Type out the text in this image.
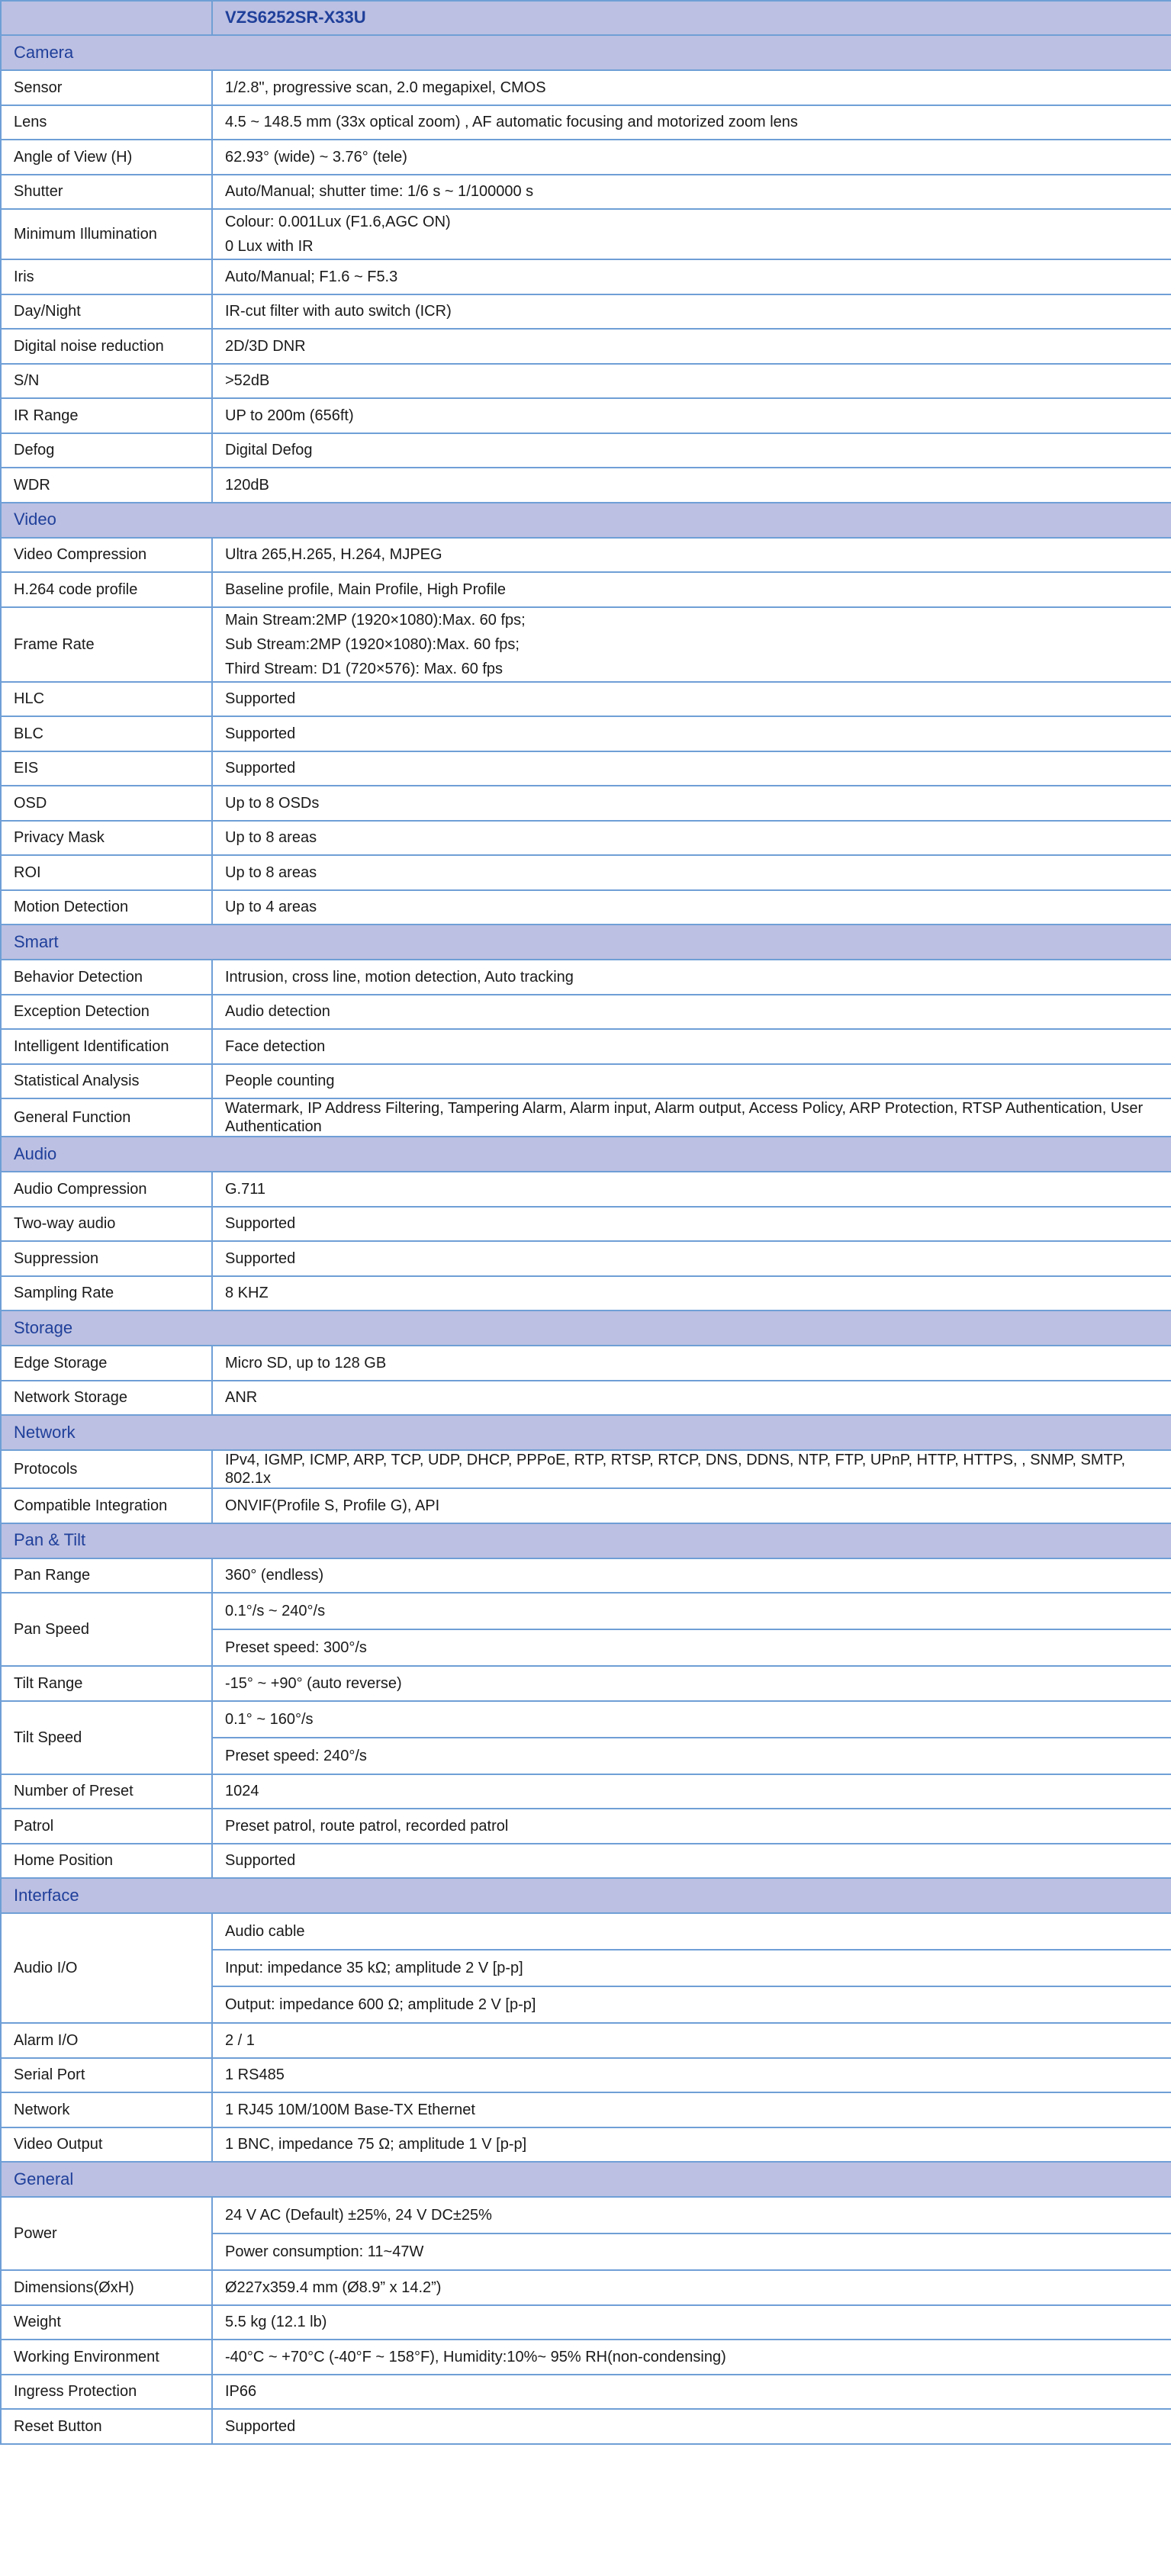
	VZS6252SR-X33U
Camera	
Sensor	1/2.8", progressive scan, 2.0 megapixel, CMOS
Lens	4.5 ~ 148.5 mm (33x optical zoom) , AF automatic focusing and motorized zoom lens
Angle of View (H)	62.93° (wide) ~ 3.76° (tele)
Shutter	Auto/Manual; shutter time: 1/6 s ~ 1/100000 s
Minimum Illumination	Colour: 0.001Lux (F1.6,AGC ON)
0 Lux with IR

Iris	Auto/Manual; F1.6 ~ F5.3
Day/Night	IR-cut filter with auto switch (ICR)
Digital noise reduction	2D/3D DNR
S/N	>52dB
IR Range	UP to 200m (656ft)
Defog	Digital Defog
WDR	120dB
Video	
Video Compression	Ultra 265,H.265, H.264, MJPEG
H.264 code profile	Baseline profile, Main Profile, High Profile
Frame Rate	Main Stream:2MP (1920×1080):Max. 60 fps;
Sub Stream:2MP (1920×1080):Max. 60 fps;
Third Stream: D1 (720×576): Max. 60 fps

HLC	Supported
BLC	Supported
EIS	Supported
OSD	Up to 8 OSDs
Privacy Mask	Up to 8 areas
ROI	Up to 8 areas
Motion Detection	Up to 4 areas
Smart	
Behavior Detection	Intrusion, cross line, motion detection, Auto tracking
Exception Detection	Audio detection
Intelligent Identification	Face detection
Statistical Analysis	People counting
General Function	Watermark, IP Address Filtering, Tampering Alarm, Alarm input, Alarm output, Access Policy, ARP Protection, RTSP Authentication, User Authentication
Audio	
Audio Compression	G.711
Two-way audio	Supported
Suppression	Supported
Sampling Rate	8 KHZ
Storage	
Edge Storage	Micro SD, up to 128 GB
Network Storage	ANR
Network	
Protocols	IPv4, IGMP, ICMP, ARP, TCP, UDP, DHCP, PPPoE, RTP, RTSP, RTCP, DNS, DDNS, NTP, FTP, UPnP, HTTP, HTTPS, , SNMP, SMTP, 802.1x
Compatible Integration	ONVIF(Profile S, Profile G), API
Pan & Tilt	
Pan Range	360° (endless)
Pan Speed	0.1°/s ~ 240°/s
Preset speed: 300°/s

Tilt Range	-15° ~ +90° (auto reverse)
Tilt Speed	0.1° ~ 160°/s
Preset speed: 240°/s

Number of Preset	1024
Patrol	Preset patrol, route patrol, recorded patrol
Home Position	Supported
Interface	
Audio I/O	Audio cable
Input: impedance 35 kΩ; amplitude 2 V [p-p]
Output: impedance 600 Ω; amplitude 2 V [p-p]

Alarm I/O	2 / 1
Serial Port	1 RS485
Network	1 RJ45 10M/100M Base-TX Ethernet
Video Output	1 BNC, impedance 75 Ω; amplitude 1 V [p-p]
General	
Power	24 V AC (Default) ±25%, 24 V DC±25%
Power consumption: 11~47W

Dimensions(ØxH)	Ø227x359.4 mm (Ø8.9” x 14.2”)
Weight	5.5 kg (12.1 lb)
Working Environment	-40°C ~ +70°C (-40°F ~ 158°F), Humidity:10%~ 95% RH(non-condensing)
Ingress Protection	IP66
Reset Button	Supported
